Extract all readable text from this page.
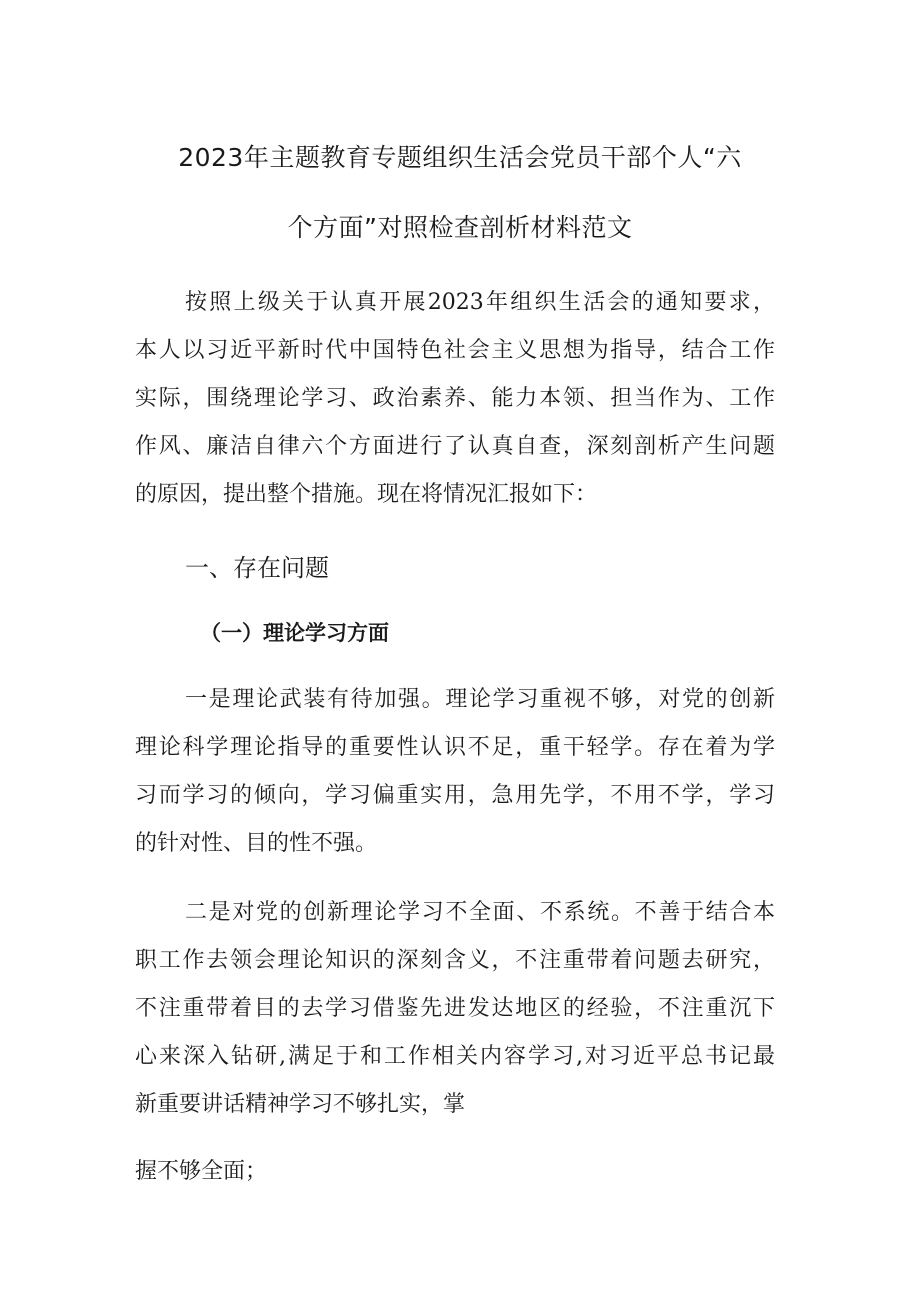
2023年主题教育专题组织生活会党员干部个人“六
个方面”对照检查剖析材料范文

按照上级关于认真开展2023年组织生活会的通知要求，

本人以习近平新时代中国特色社会主义思想为指导，结合工作

实际，围绕理论学习、政治素养、能力本领、担当作为、工作

作风、廉洁自律六个方面进行了认真自查，深刻剖析产生问题

的原因，提出整个措施。现在将情况汇报如下：

一、存在问题
（一）理论学习方面

一是理论武装有待加强。理论学习重视不够，对党的创新

理论科学理论指导的重要性认识不足，重干轻学。存在着为学

习而学习的倾向，学习偏重实用，急用先学，不用不学，学习

的针对性、目的性不强。

二是对党的创新理论学习不全面、不系统。不善于结合本

职工作去领会理论知识的深刻含义，不注重带着问题去研究，

不注重带着目的去学习借鉴先进发达地区的经验，不注重沉下

心来深入钻研,满足于和工作相关内容学习,对习近平总书记最

新重要讲话精神学习不够扎实，掌

握不够全面；
